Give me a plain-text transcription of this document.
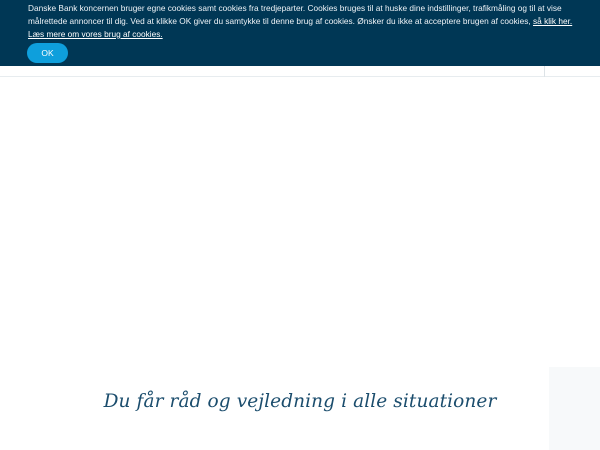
Danske Bank koncernen bruger egne cookies samt cookies fra tredjeparter. Cookies bruges til at huske dine indstillinger, trafikmåling og til at vise målrettede annoncer til dig. Ved at klikke OK giver du samtykke til denne brug af cookies. Ønsker du ikke at acceptere brugen af cookies, så klik her.
Læs mere om vores brug af cookies.
OK
Du får råd og vejledning i alle situationer
